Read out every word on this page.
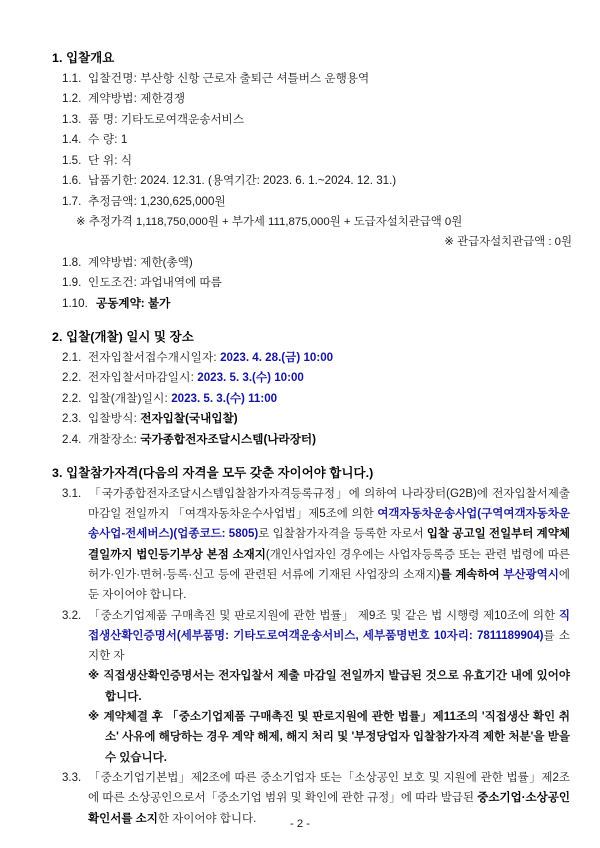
1. 입찰개요

1.1. 입찰건명: 부산항 신항 근로자 출퇴근 셔틀버스 운행용역

1.2. 계약방법: 제한경쟁

1.3. 품 명: 기타도로여객운송서비스

1.4. 수 량: 1

1.5. 단 위: 식

1.6. 납품기한: 2024. 12.31. (용역기간: 2023. 6. 1.~2024. 12. 31.)

1.7. 추정금액: 1,230,625,000원

※ 추정가격 1,118,750,000원 + 부가세 111,875,000원 + 도급자설치관급액 0원

※ 관급자설치관급액 : 0원

1.8. 계약방법: 제한(총액)

1.9. 인도조건: 과업내역에 따름

1.10. 공동계약: 불가

2. 입찰(개찰) 일시 및 장소

2.1. 전자입찰서접수개시일자: 2023. 4. 28.(금) 10:00

2.2. 전자입찰서마감일시: 2023. 5. 3.(수) 10:00

2.2. 입찰(개찰)일시: 2023. 5. 3.(수) 11:00

2.3. 입찰방식: 전자입찰(국내입찰)

2.4. 개찰장소: 국가종합전자조달시스템(나라장터)

3. 입찰참가자격(다음의 자격을 모두 갖춘 자이어야 합니다.)

3.1. 「국가종합전자조달시스템입찰참가자격등록규정」에 의하여 나라장터(G2B)에 전자입찰서제출 마감일 전일까지 「여객자동차운수사업법」제5조에 의한 여객자동차운송사업(구역여객자동차운송사업-전세버스)(업종코드: 5805)로 입찰참가자격을 등록한 자로서 입찰 공고일 전일부터 계약체결일까지 법인등기부상 본점 소재지(개인사업자인 경우에는 사업자등록증 또는 관련 법령에 따른 허가·인가·면허·등록·신고 등에 관련된 서류에 기재된 사업장의 소재지)를 계속하여 부산광역시에 둔 자이어야 합니다.

3.2. 「중소기업제품 구매촉진 및 판로지원에 관한 법률」 제9조 및 같은 법 시행령 제10조에 의한 직접생산확인증명서(세부품명: 기타도로여객운송서비스, 세부품명번호 10자리: 7811189904)를 소지한 자

※ 직접생산확인증명서는 전자입찰서 제출 마감일 전일까지 발급된 것으로 유효기간 내에 있어야 합니다.

※ 계약체결 후 「중소기업제품 구매촉진 및 판로지원에 관한 법률」제11조의 '직접생산 확인 취소' 사유에 해당하는 경우 계약 해제, 해지 처리 및 '부정당업자 입찰참가자격 제한 처분'을 받을 수 있습니다.

3.3. 「중소기업기본법」제2조에 따른 중소기업자 또는「소상공인 보호 및 지원에 관한 법률」제2조에 따른 소상공인으로서「중소기업 범위 및 확인에 관한 규정」에 따라 발급된 중소기업·소상공인 확인서를 소지한 자이어야 합니다.	- 2 -
